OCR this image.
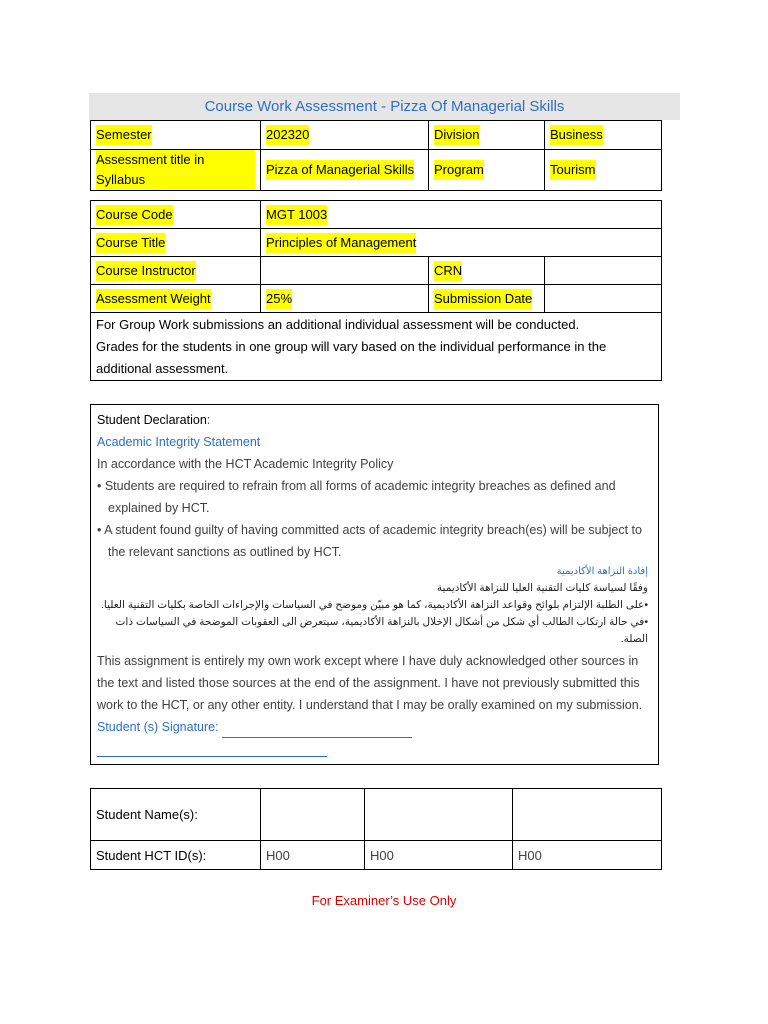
Course Work Assessment - Pizza Of Managerial Skills
Semester	202320	Division	Business
Assessment title in Syllabus	Pizza of Managerial Skills	Program	Tourism
Course Code	MGT 1003		
Course Title	Principles of Management		
Course Instructor		CRN	
Assessment Weight	25%	Submission Date	

For Group Work submissions an additional individual assessment will be conducted.
Grades for the students in one group will vary based on the individual performance in the additional assessment.			
Student Declaration:
Academic Integrity Statement
In accordance with the HCT Academic Integrity Policy
• Students are required to refrain from all forms of academic integrity breaches as defined and explained by HCT.
• A student found guilty of having committed acts of academic integrity breach(es) will be subject to the relevant sanctions as outlined by HCT.
إفادة النزاهة الأكاديمية
وفقًا لسياسة كليات التقنية العليا للنزاهة الأكاديمية
•على الطلبة الإلتزام بلوائح وقواعد النزاهة الأكاديمية، كما هو مبيّن وموضح في السياسات والإجراءات الخاصة بكليات التقنية العليا.
•في حالة ارتكاب الطالب أي شكل من أشكال الإخلال بالنزاهة الأكاديمية، سيتعرض الى العقوبات الموضحة في السياسات ذات الصلة.
This assignment is entirely my own work except where I have duly acknowledged other sources in the text and listed those sources at the end of the assignment. I have not previously submitted this work to the HCT, or any other entity. I understand that I may be orally examined on my submission.
Student (s) Signature:
Student Name(s):			
Student HCT ID(s):	H00	H00	H00
For Examiner’s Use Only
